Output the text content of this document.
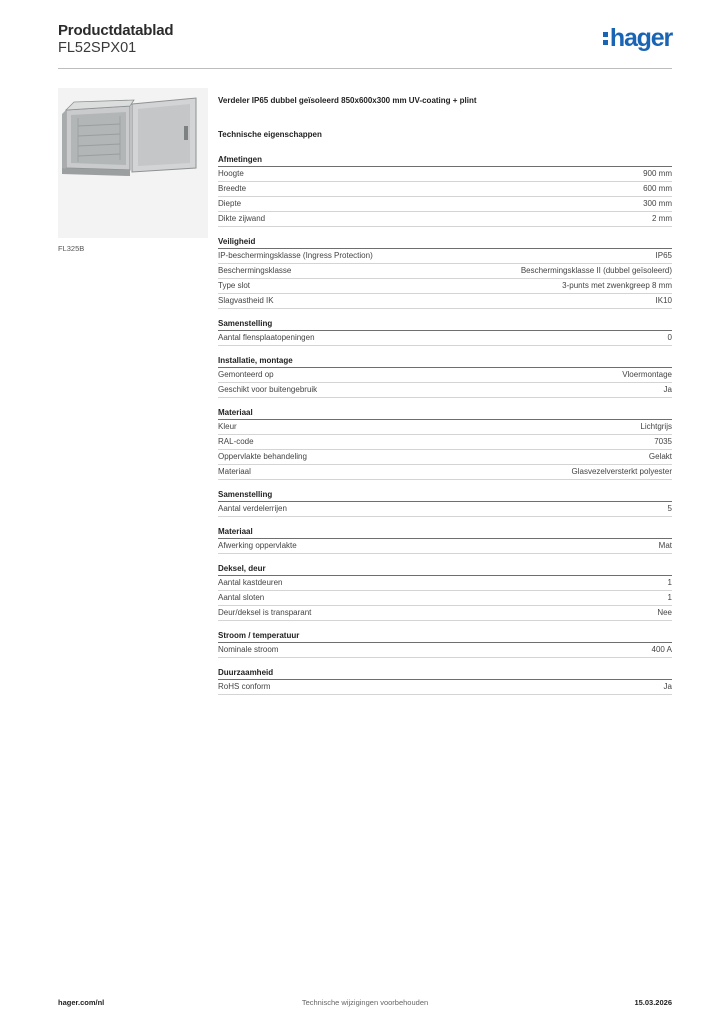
Productdatablad
FL52SPX01	hager
FL325B
Verdeler IP65 dubbel geïsoleerd 850x600x300 mm UV-coating + plint
Technische eigenschappen
Afmetingen
Hoogte	900 mm
Breedte	600 mm
Diepte	300 mm
Dikte zijwand	2 mm
Veiligheid
IP-beschermingsklasse (Ingress Protection)	IP65
Beschermingsklasse	Beschermingsklasse II (dubbel geïsoleerd)
Type slot	3-punts met zwenkgreep 8 mm
Slagvastheid IK	IK10
Samenstelling
Aantal flensplaatopeningen	0
Installatie, montage
Gemonteerd op	Vloermontage
Geschikt voor buitengebruik	Ja
Materiaal
Kleur	Lichtgrijs
RAL-code	7035
Oppervlakte behandeling	Gelakt
Materiaal	Glasvezelversterkt polyester
Samenstelling
Aantal verdelerrijen	5
Materiaal
Afwerking oppervlakte	Mat
Deksel, deur
Aantal kastdeuren	1
Aantal sloten	1
Deur/deksel is transparant	Nee
Stroom / temperatuur
Nominale stroom	400 A
Duurzaamheid
RoHS conform	Ja
hager.com/nl	Technische wijzigingen voorbehouden	15.03.2026
